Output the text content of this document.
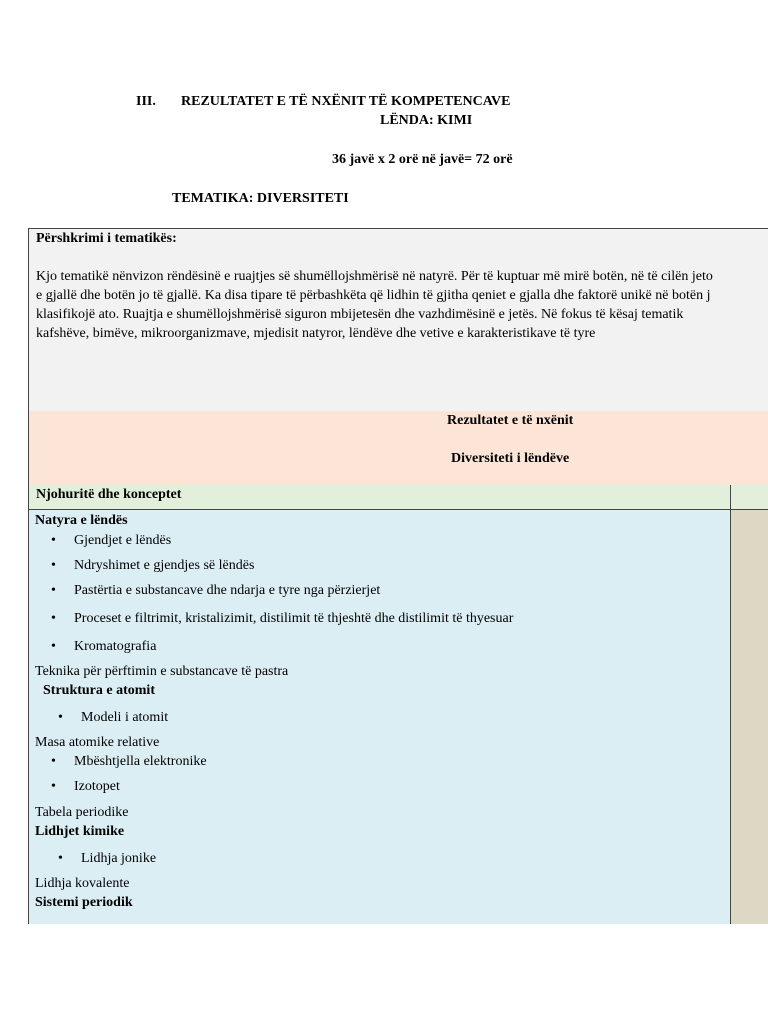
III. REZULTATET E TË NXËNIT TË KOMPETENCAVE
LËNDA: KIMI
36 javë x 2 orë në javë= 72 orë
TEMATIKA: DIVERSITETI
Përshkrimi i tematikës:
Kjo tematikë nënvizon rëndësinë e ruajtjes së shumëllojshmërisë në natyrë. Për të kuptuar më mirë botën, në të cilën jeto
e gjallë dhe botën jo të gjallë. Ka disa tipare të përbashkëta që lidhin të gjitha qeniet e gjalla dhe faktorë unikë në botën j
klasifikojë ato. Ruajtja e shumëllojshmërisë siguron mbijetesën dhe vazhdimësinë e jetës. Në fokus të kësaj tematik
kafshëve, bimëve, mikroorganizmave, mjedisit natyror, lëndëve dhe vetive e karakteristikave të tyre
Rezultatet e të nxënit
Diversiteti i lëndëve
Njohuritë dhe konceptet
Natyra e lëndës
• Gjendjet e lëndës
• Ndryshimet e gjendjes së lëndës
• Pastërtia e substancave dhe ndarja e tyre nga përzierjet
• Proceset e filtrimit, kristalizimit, distilimit të thjeshtë dhe distilimit të thyesuar
• Kromatografia
Teknika për përftimin e substancave të pastra
Struktura e atomit
• Modeli i atomit
Masa atomike relative
• Mbështjella elektronike
• Izotopet
Tabela periodike
Lidhjet kimike
• Lidhja jonike
Lidhja kovalente
Sistemi periodik
